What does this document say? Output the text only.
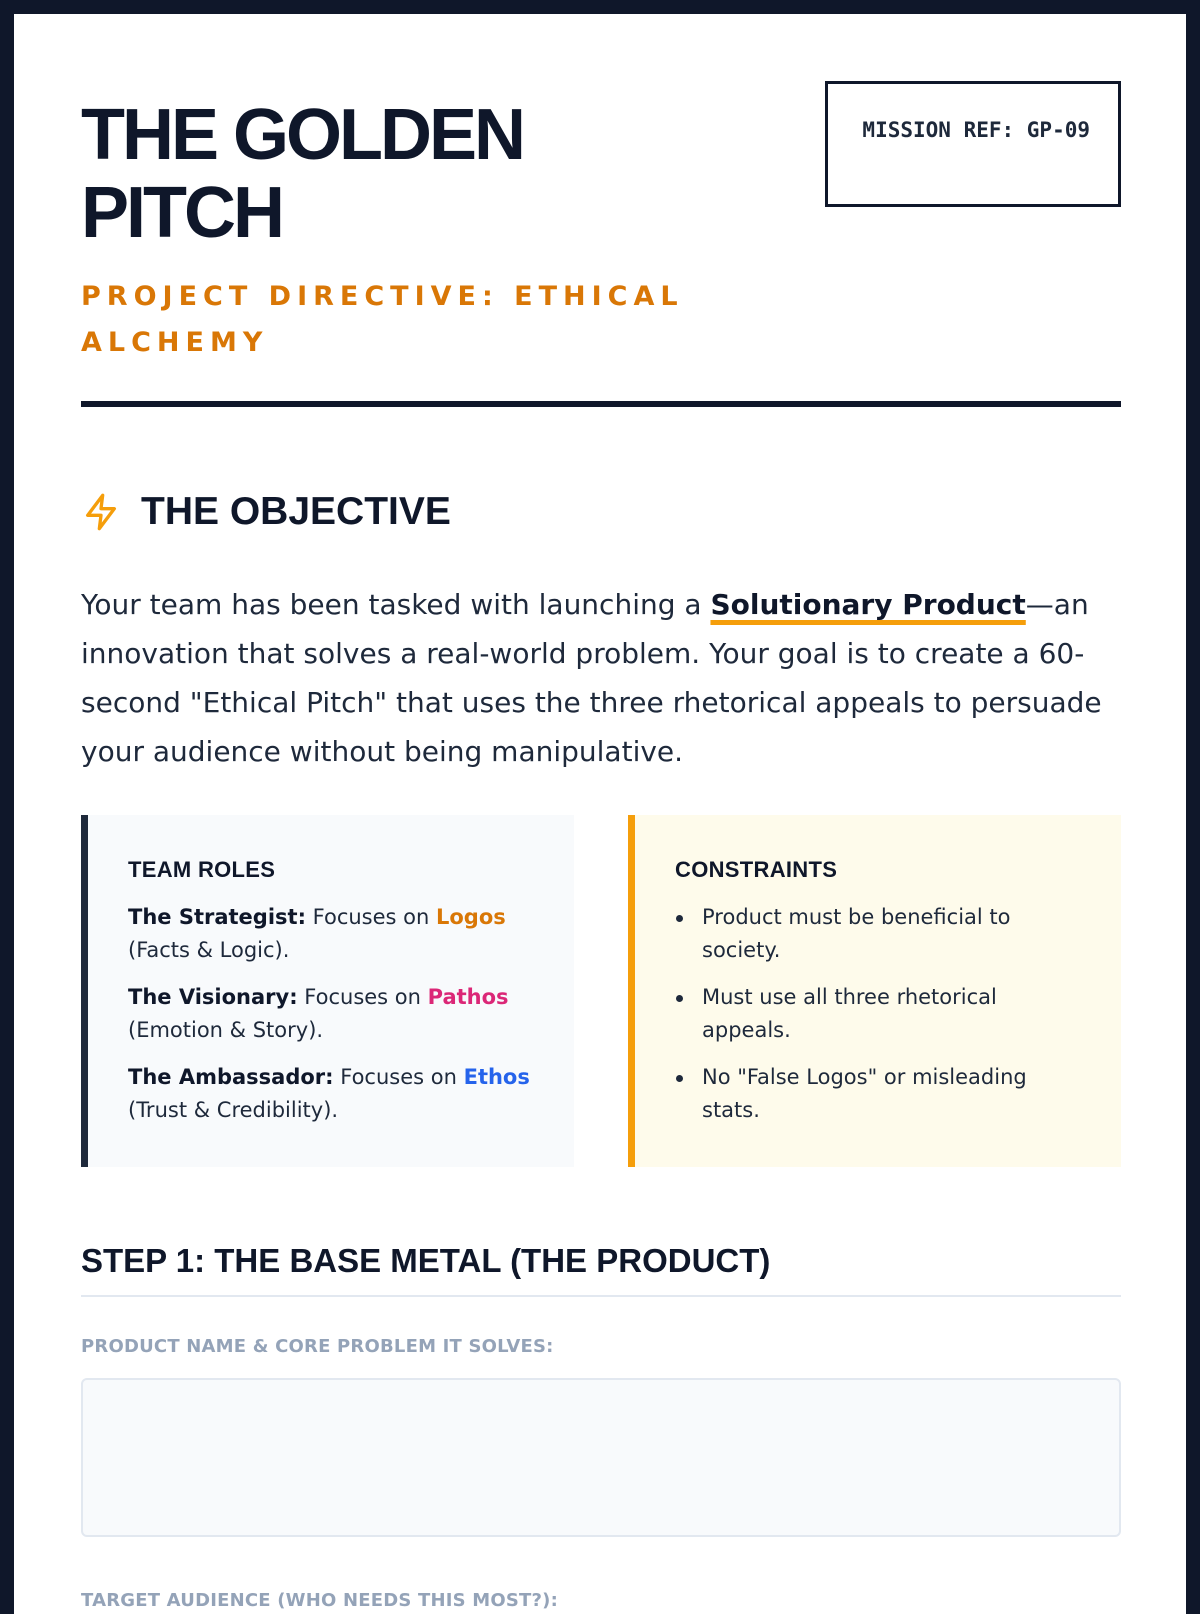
THE GOLDEN PITCH
PROJECT DIRECTIVE: ETHICAL ALCHEMY
MISSION REF: GP-09
THE OBJECTIVE

Your team has been tasked with launching a Solutionary Product—an innovation that solves a real-world problem. Your goal is to create a 60-second "Ethical Pitch" that uses the three rhetorical appeals to persuade your audience without being manipulative.

TEAM ROLES
The Strategist: Focuses on Logos (Facts & Logic).
The Visionary: Focuses on Pathos (Emotion & Story).
The Ambassador: Focuses on Ethos (Trust & Credibility).
CONSTRAINTS
Product must be beneficial to society.
Must use all three rhetorical appeals.
No "False Logos" or misleading stats.
STEP 1: THE BASE METAL (THE PRODUCT)
PRODUCT NAME & CORE PROBLEM IT SOLVES:
TARGET AUDIENCE (WHO NEEDS THIS MOST?):
